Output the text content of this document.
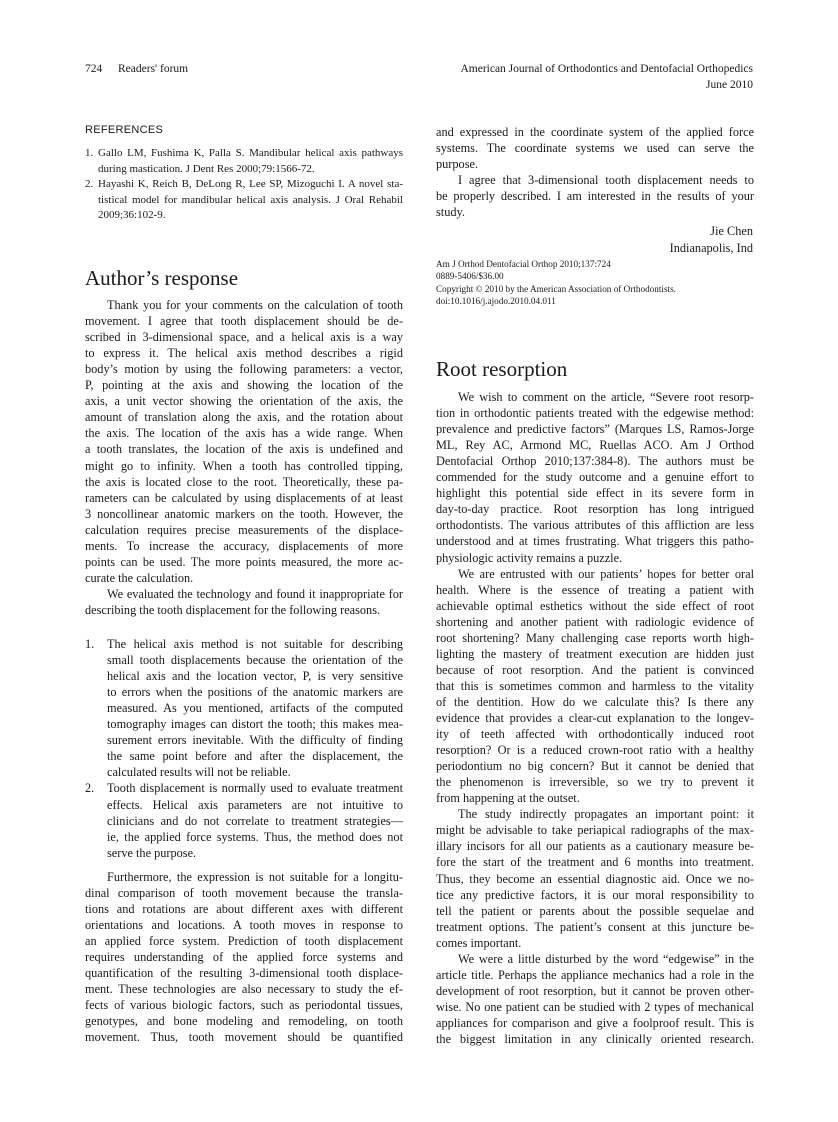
724 Readers' forum	American Journal of Orthodontics and Dentofacial Orthopedics
June 2010
REFERENCES
1. Gallo LM, Fushima K, Palla S. Mandibular helical axis pathways
during mastication. J Dent Res 2000;79:1566-72.
2. Hayashi K, Reich B, DeLong R, Lee SP, Mizoguchi I. A novel sta-
tistical model for mandibular helical axis analysis. J Oral Rehabil
2009;36:102-9.
Author’s response
Thank you for your comments on the calculation of tooth
movement. I agree that tooth displacement should be de-
scribed in 3-dimensional space, and a helical axis is a way
to express it. The helical axis method describes a rigid
body’s motion by using the following parameters: a vector,
P, pointing at the axis and showing the location of the
axis, a unit vector showing the orientation of the axis, the
amount of translation along the axis, and the rotation about
the axis. The location of the axis has a wide range. When
a tooth translates, the location of the axis is undefined and
might go to infinity. When a tooth has controlled tipping,
the axis is located close to the root. Theoretically, these pa-
rameters can be calculated by using displacements of at least
3 noncollinear anatomic markers on the tooth. However, the
calculation requires precise measurements of the displace-
ments. To increase the accuracy, displacements of more
points can be used. The more points measured, the more ac-
curate the calculation.
We evaluated the technology and found it inappropriate for
describing the tooth displacement for the following reasons.
1.	The helical axis method is not suitable for describing
small tooth displacements because the orientation of the
helical axis and the location vector, P, is very sensitive
to errors when the positions of the anatomic markers are
measured. As you mentioned, artifacts of the computed
tomography images can distort the tooth; this makes mea-
surement errors inevitable. With the difficulty of finding
the same point before and after the displacement, the
calculated results will not be reliable.
2.	Tooth displacement is normally used to evaluate treatment
effects. Helical axis parameters are not intuitive to
clinicians and do not correlate to treatment strategies—
ie, the applied force systems. Thus, the method does not
serve the purpose.
Furthermore, the expression is not suitable for a longitu-
dinal comparison of tooth movement because the transla-
tions and rotations are about different axes with different
orientations and locations. A tooth moves in response to
an applied force system. Prediction of tooth displacement
requires understanding of the applied force systems and
quantification of the resulting 3-dimensional tooth displace-
ment. These technologies are also necessary to study the ef-
fects of various biologic factors, such as periodontal tissues,
genotypes, and bone modeling and remodeling, on tooth
movement. Thus, tooth movement should be quantified
and expressed in the coordinate system of the applied force
systems. The coordinate systems we used can serve the
purpose.
I agree that 3-dimensional tooth displacement needs to
be properly described. I am interested in the results of your
study.
Jie Chen
Indianapolis, Ind
Am J Orthod Dentofacial Orthop 2010;137:724
0889-5406/$36.00
Copyright © 2010 by the American Association of Orthodontists.
doi:10.1016/j.ajodo.2010.04.011
Root resorption
We wish to comment on the article, “Severe root resorp-
tion in orthodontic patients treated with the edgewise method:
prevalence and predictive factors” (Marques LS, Ramos-Jorge
ML, Rey AC, Armond MC, Ruellas ACO. Am J Orthod
Dentofacial Orthop 2010;137:384-8). The authors must be
commended for the study outcome and a genuine effort to
highlight this potential side effect in its severe form in
day-to-day practice. Root resorption has long intrigued
orthodontists. The various attributes of this affliction are less
understood and at times frustrating. What triggers this patho-
physiologic activity remains a puzzle.
We are entrusted with our patients’ hopes for better oral
health. Where is the essence of treating a patient with
achievable optimal esthetics without the side effect of root
shortening and another patient with radiologic evidence of
root shortening? Many challenging case reports worth high-
lighting the mastery of treatment execution are hidden just
because of root resorption. And the patient is convinced
that this is sometimes common and harmless to the vitality
of the dentition. How do we calculate this? Is there any
evidence that provides a clear-cut explanation to the longev-
ity of teeth affected with orthodontically induced root
resorption? Or is a reduced crown-root ratio with a healthy
periodontium no big concern? But it cannot be denied that
the phenomenon is irreversible, so we try to prevent it
from happening at the outset.
The study indirectly propagates an important point: it
might be advisable to take periapical radiographs of the max-
illary incisors for all our patients as a cautionary measure be-
fore the start of the treatment and 6 months into treatment.
Thus, they become an essential diagnostic aid. Once we no-
tice any predictive factors, it is our moral responsibility to
tell the patient or parents about the possible sequelae and
treatment options. The patient’s consent at this juncture be-
comes important.
We were a little disturbed by the word “edgewise” in the
article title. Perhaps the appliance mechanics had a role in the
development of root resorption, but it cannot be proven other-
wise. No one patient can be studied with 2 types of mechanical
appliances for comparison and give a foolproof result. This is
the biggest limitation in any clinically oriented research.
